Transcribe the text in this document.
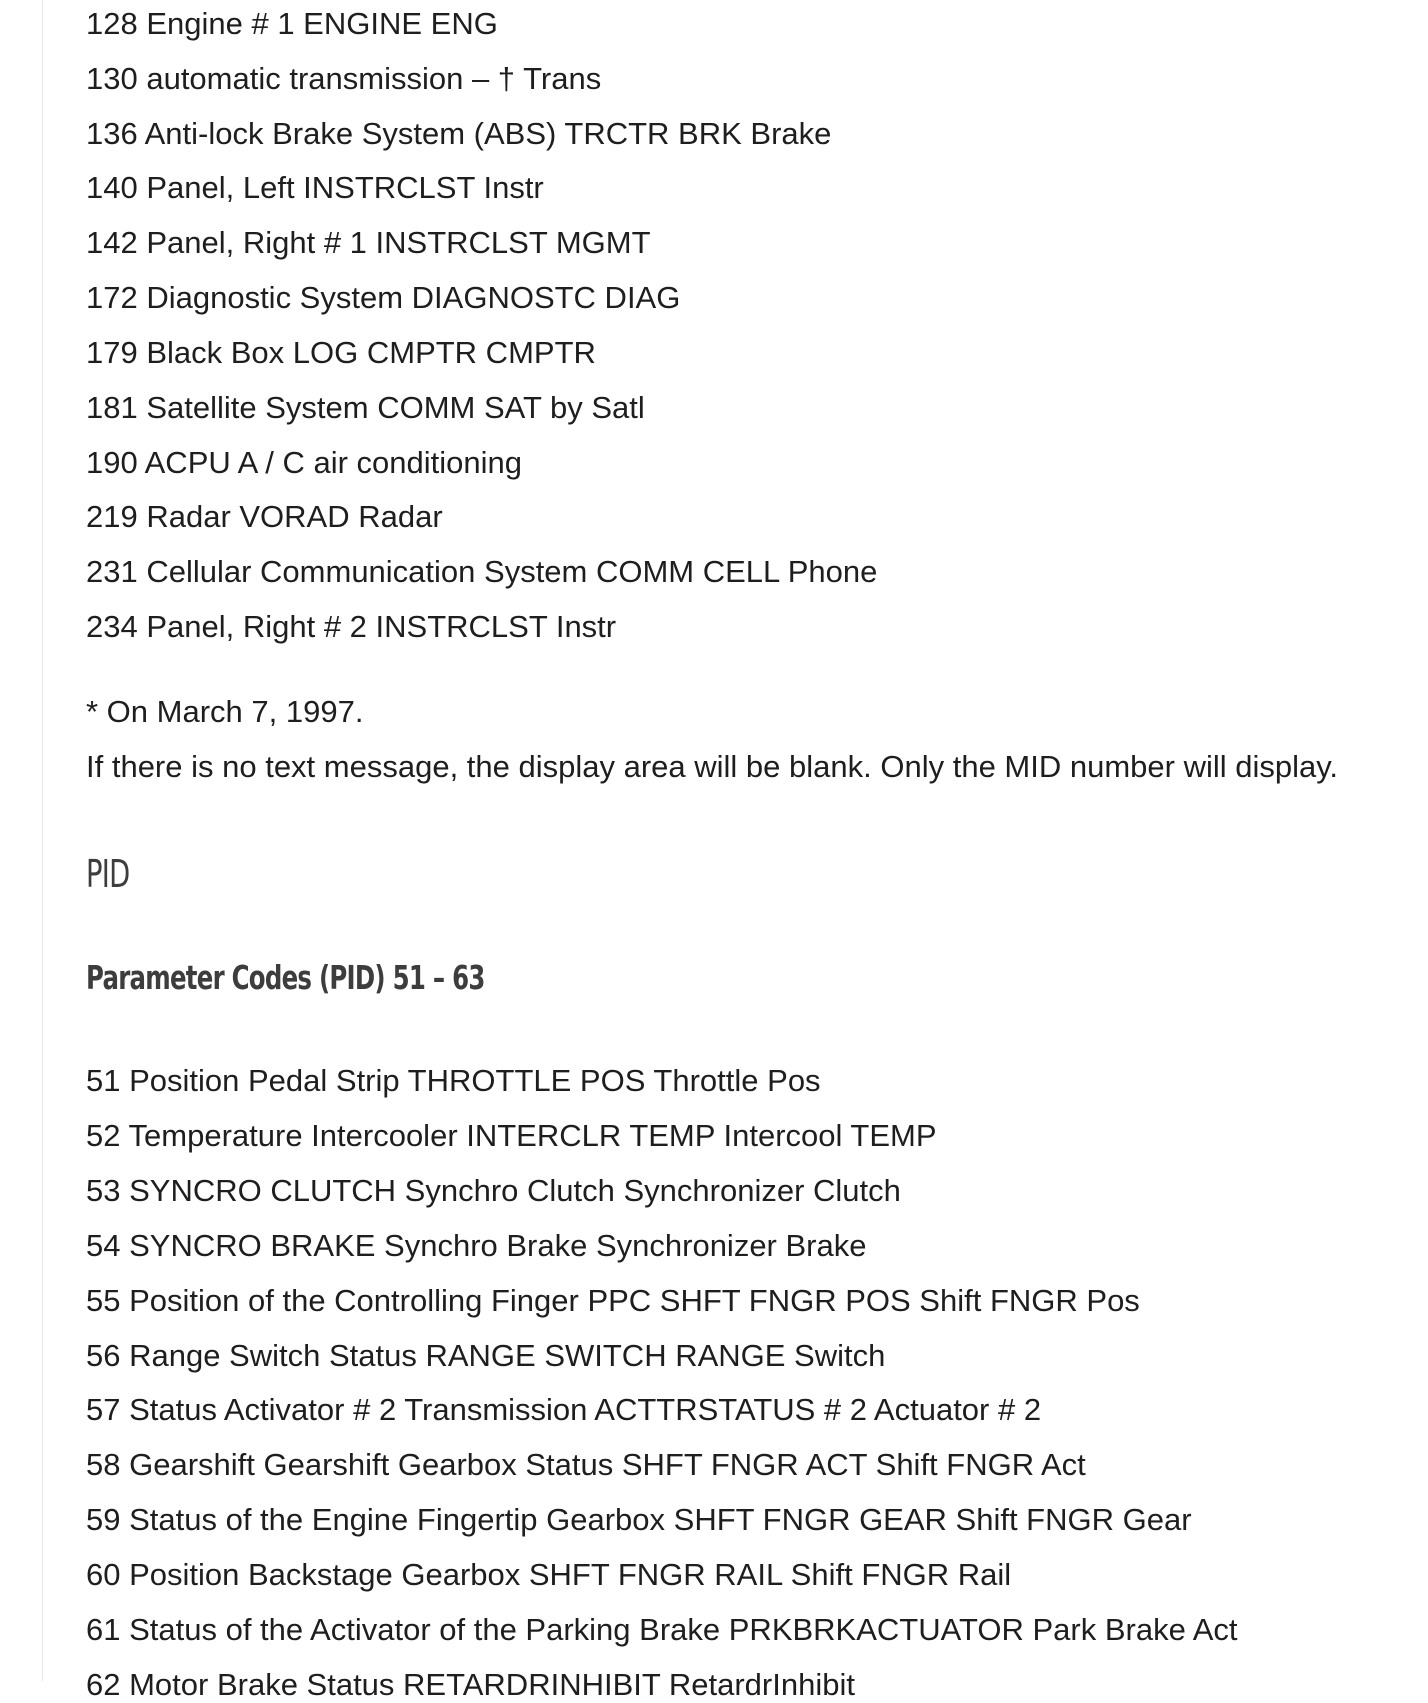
128 Engine # 1 ENGINE ENG
130 automatic transmission – † Trans
136 Anti-lock Brake System (ABS) TRCTR BRK Brake
140 Panel, Left INSTRCLST Instr
142 Panel, Right # 1 INSTRCLST MGMT
172 Diagnostic System DIAGNOSTC DIAG
179 Black Box LOG CMPTR CMPTR
181 Satellite System COMM SAT by Satl
190 ACPU A / C air conditioning
219 Radar VORAD Radar
231 Cellular Communication System COMM CELL Phone
234 Panel, Right # 2 INSTRCLST Instr
* On March 7, 1997.
If there is no text message, the display area will be blank. Only the MID number will display.
PID
Parameter Codes (PID) 51 – 63
51 Position Pedal Strip THROTTLE POS Throttle Pos
52 Temperature Intercooler INTERCLR TEMP Intercool TEMP
53 SYNCRO CLUTCH Synchro Clutch Synchronizer Clutch
54 SYNCRO BRAKE Synchro Brake Synchronizer Brake
55 Position of the Controlling Finger PPC SHFT FNGR POS Shift FNGR Pos
56 Range Switch Status RANGE SWITCH RANGE Switch
57 Status Activator # 2 Transmission ACTTRSTATUS # 2 Actuator # 2
58 Gearshift Gearshift Gearbox Status SHFT FNGR ACT Shift FNGR Act
59 Status of the Engine Fingertip Gearbox SHFT FNGR GEAR Shift FNGR Gear
60 Position Backstage Gearbox SHFT FNGR RAIL Shift FNGR Rail
61 Status of the Activator of the Parking Brake PRKBRKACTUATOR Park Brake Act
62 Motor Brake Status RETARDRINHIBIT RetardrInhibit
